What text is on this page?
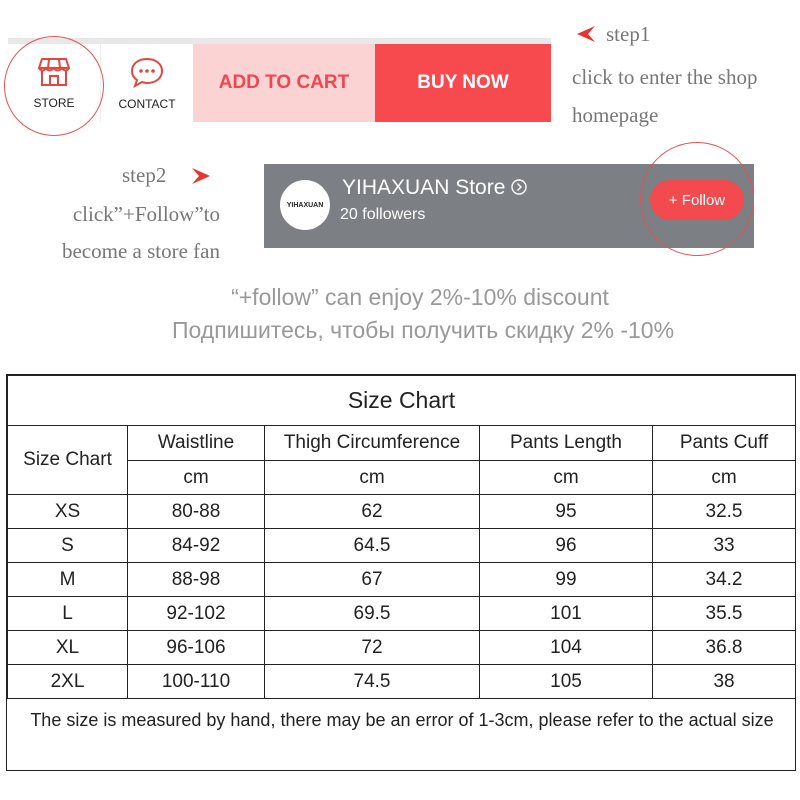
STORE	CONTACT
ADD TO CART	BUY NOW
step1
click to enter the shop homepage
step2
click”+Follow”to become a store fan
YIHAXUAN
YIHAXUAN Store
20 followers
+ Follow
“+follow” can enjoy 2%-10% discount
Подпишитесь, чтобы получить скидку 2% -10%
Size Chart				
Size Chart	Waistline	Thigh Circumference	Pants Length	Pants Cuff
	cm	cm	cm	cm
XS	80-88	62	95	32.5
S	84-92	64.5	96	33
M	88-98	67	99	34.2
L	92-102	69.5	101	35.5
XL	96-106	72	104	36.8
2XL	100-110	74.5	105	38
The size is measured by hand, there may be an error of 1-3cm, please refer to the actual size
